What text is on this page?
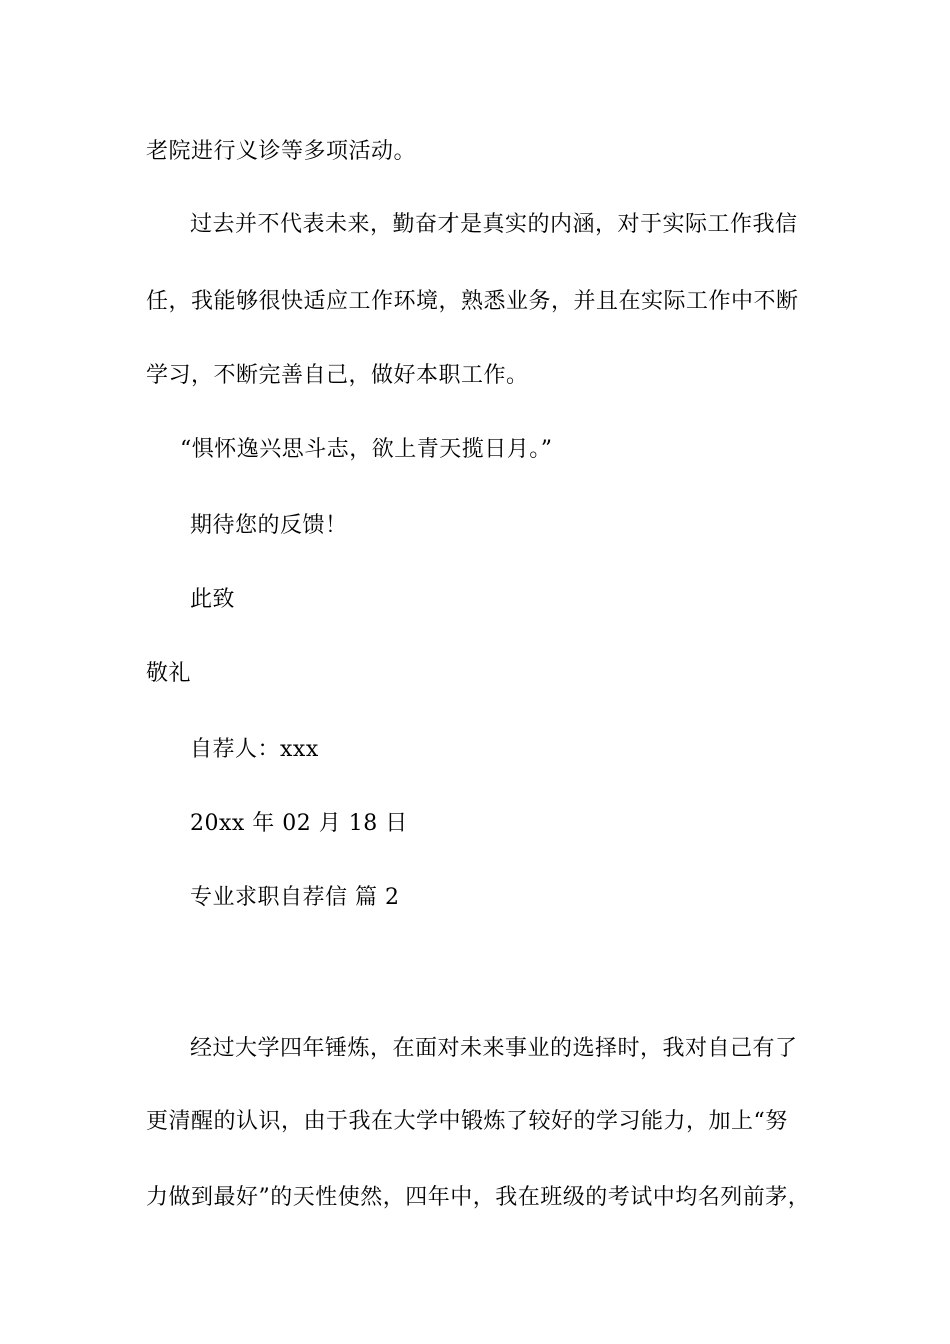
老院进行义诊等多项活动。
过去并不代表未来，勤奋才是真实的内涵，对于实际工作我信
任，我能够很快适应工作环境，熟悉业务，并且在实际工作中不断
学习，不断完善自己，做好本职工作。
“惧怀逸兴思斗志，欲上青天揽日月。”
期待您的反馈！
此致
敬礼
自荐人：xxx
20xx 年 02 月 18 日
专业求职自荐信 篇 2
经过大学四年锤炼，在面对未来事业的选择时，我对自己有了
更清醒的认识，由于我在大学中锻炼了较好的学习能力，加上“努
力做到最好”的天性使然，四年中，我在班级的考试中均名列前茅，
